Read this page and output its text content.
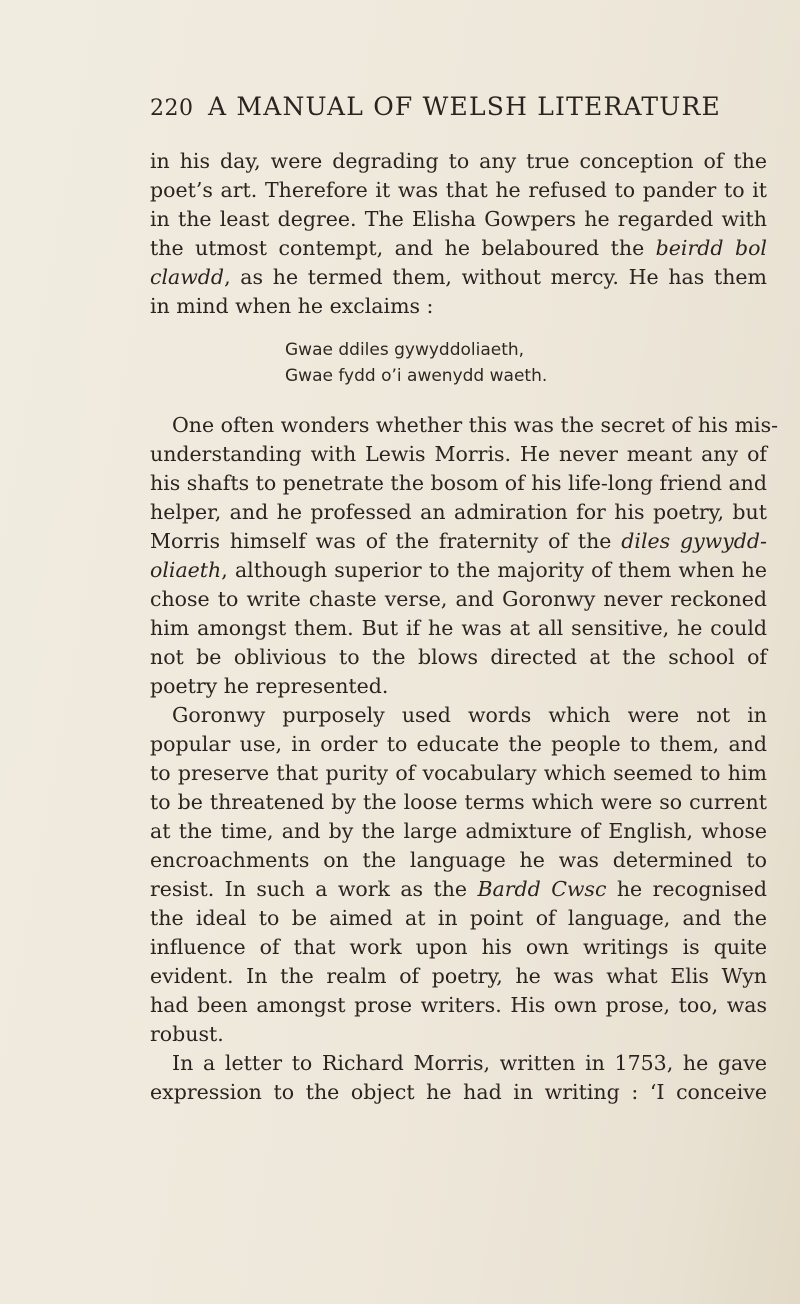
220 A MANUAL OF WELSH LITERATURE
in his day, were degrading to any true conception of the
poet’s art. Therefore it was that he refused to pander to it
in the least degree. The Elisha Gowpers he regarded with
the utmost contempt, and he belaboured the beirdd bol
clawdd, as he termed them, without mercy. He has them
in mind when he exclaims :
Gwae ddiles gywyddoliaeth,
Gwae fydd o’i awenydd waeth.
One often wonders whether this was the secret of his mis-
understanding with Lewis Morris. He never meant any of
his shafts to penetrate the bosom of his life-long friend and
helper, and he professed an admiration for his poetry, but
Morris himself was of the fraternity of the diles gywydd-
oliaeth, although superior to the majority of them when he
chose to write chaste verse, and Goronwy never reckoned
him amongst them. But if he was at all sensitive, he could
not be oblivious to the blows directed at the school of
poetry he represented.
Goronwy purposely used words which were not in
popular use, in order to educate the people to them, and
to preserve that purity of vocabulary which seemed to him
to be threatened by the loose terms which were so current
at the time, and by the large admixture of English, whose
encroachments on the language he was determined to
resist. In such a work as the Bardd Cwsc he recognised
the ideal to be aimed at in point of language, and the
influence of that work upon his own writings is quite
evident. In the realm of poetry, he was what Elis Wyn
had been amongst prose writers. His own prose, too, was
robust.
In a letter to Richard Morris, written in 1753, he gave
expression to the object he had in writing : ‘I conceive
